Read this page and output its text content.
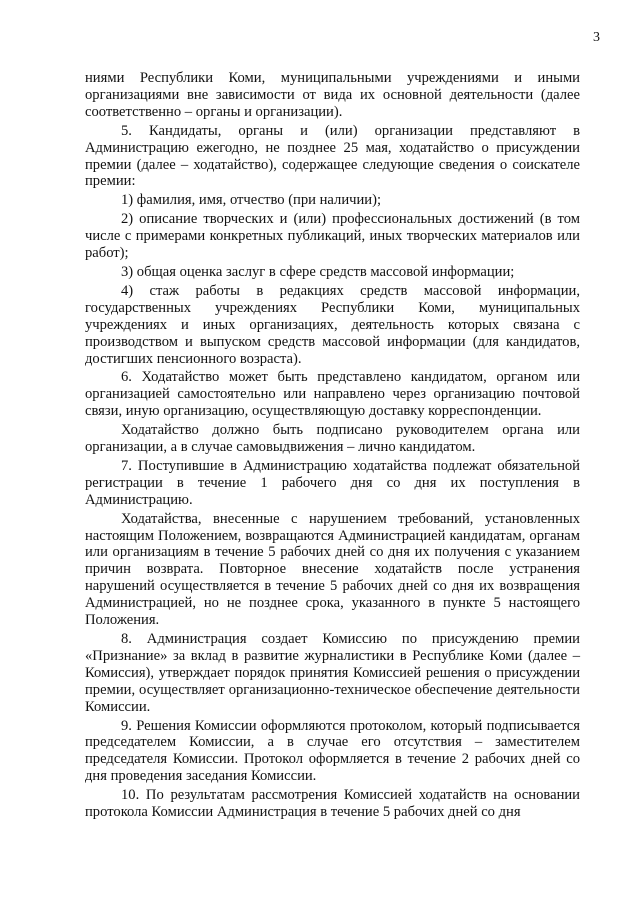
3

ниями Республики Коми, муниципальными учреждениями и иными организациями вне зависимости от вида их основной деятельности (далее соответственно – органы и организации).

5. Кандидаты, органы и (или) организации представляют в Администрацию ежегодно, не позднее 25 мая, ходатайство о присуждении премии (далее – ходатайство), содержащее следующие сведения о соискателе премии:

1) фамилия, имя, отчество (при наличии);

2) описание творческих и (или) профессиональных достижений (в том числе с примерами конкретных публикаций, иных творческих материалов или работ);

3) общая оценка заслуг в сфере средств массовой информации;

4) стаж работы в редакциях средств массовой информации, государственных учреждениях Республики Коми, муниципальных учреждениях и иных организациях, деятельность которых связана с производством и выпуском средств массовой информации (для кандидатов, достигших пенсионного возраста).

6. Ходатайство может быть представлено кандидатом, органом или организацией самостоятельно или направлено через организацию почтовой связи, иную организацию, осуществляющую доставку корреспонденции.

Ходатайство должно быть подписано руководителем органа или организации, а в случае самовыдвижения – лично кандидатом.

7. Поступившие в Администрацию ходатайства подлежат обязательной регистрации в течение 1 рабочего дня со дня их поступления в Администрацию.

Ходатайства, внесенные с нарушением требований, установленных настоящим Положением, возвращаются Администрацией кандидатам, органам или организациям в течение 5 рабочих дней со дня их получения с указанием причин возврата. Повторное внесение ходатайств после устранения нарушений осуществляется в течение 5 рабочих дней со дня их возвращения Администрацией, но не позднее срока, указанного в пункте 5 настоящего Положения.

8. Администрация создает Комиссию по присуждению премии «Признание» за вклад в развитие журналистики в Республике Коми (далее – Комиссия), утверждает порядок принятия Комиссией решения о присуждении премии, осуществляет организационно-техническое обеспечение деятельности Комиссии.

9. Решения Комиссии оформляются протоколом, который подписывается председателем Комиссии, а в случае его отсутствия – заместителем председателя Комиссии. Протокол оформляется в течение 2 рабочих дней со дня проведения заседания Комиссии.

10. По результатам рассмотрения Комиссией ходатайств на основании протокола Комиссии Администрация в течение 5 рабочих дней со дня
